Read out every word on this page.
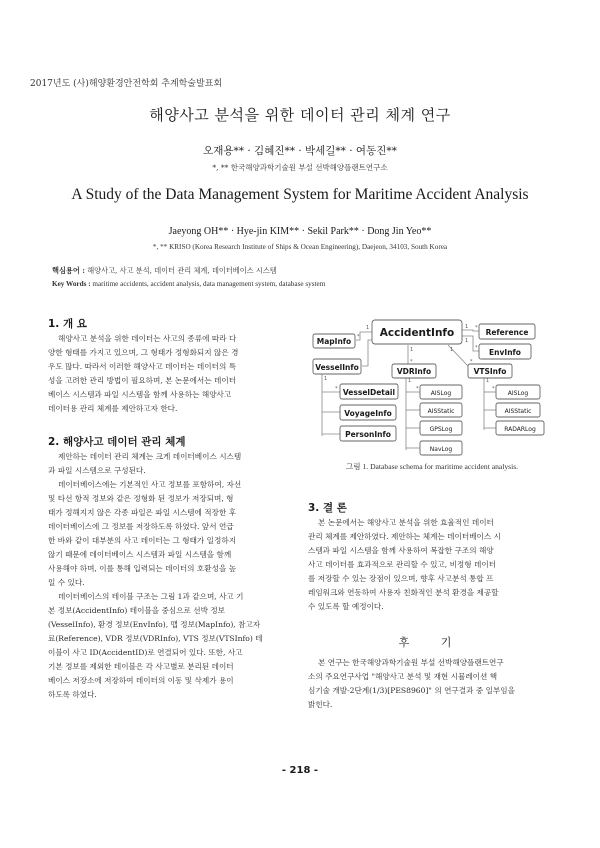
2017년도 (사)해양환경안전학회 추계학술발표회
해양사고 분석을 위한 데이터 관리 체계 연구
오재용** · 김혜진** · 박세길** · 여동진**
*, ** 한국해양과학기술원 부설 선박해양플랜트연구소
A Study of the Data Management System for Maritime Accident Analysis
Jaeyong OH** · Hye-jin KIM** · Sekil Park** · Dong Jin Yeo**
*, ** KRISO (Korea Research Institute of Ships & Ocean Engineering), Daejeon, 34103, South Korea
핵심용어 : 해양사고, 사고 분석, 데이터 관리 체계, 데이터베이스 시스템
Key Words : maritime accidents, accident analysis, data management system, database system
1. 개 요
해양사고 분석을 위한 데이터는 사고의 종류에 따라 다
양한 형태를 가지고 있으며, 그 형태가 정형화되지 않은 경
우도 많다. 따라서 이러한 해양사고 데이터는 데이터의 특
성을 고려한 관리 방법이 필요하며, 본 논문에서는 데이터
베이스 시스템과 파일 시스템을 함께 사용하는 해양사고
데이터용 관리 체계를 제안하고자 한다.
2. 해양사고 데이터 관리 체계
제안하는 데이터 관리 체계는 크게 데이터베이스 시스템
과 파일 시스템으로 구성된다.
데이터베이스에는 기본적인 사고 정보를 포함하여, 자선
및 타선 항적 정보와 같은 정형화 된 정보가 저장되며, 형
태가 정해지지 않은 각종 파일은 파일 시스템에 적장한 후
데이터베이스에 그 정보를 저장하도록 하였다. 앞서 언급
한 바와 같이 대부분의 사고 데이터는 그 형태가 일정하지
않기 때문에 데이터베이스 시스템과 파일 시스템을 함께
사용해야 하며, 이를 통해 입력되는 데이터의 호환성을 높
일 수 있다.
데이터베이스의 테이블 구조는 그림 1과 같으며, 사고 기
본 정보(AccidentInfo) 테이블을 중심으로 선박 정보
(VesselInfo), 환경 정보(EnvInfo), 맵 정보(MapInfo), 참고자
료(Reference), VDR 정보(VDRInfo), VTS 정보(VTSInfo) 테
이블이 사고 ID(AccidentID)로 연결되어 있다. 또한, 사고
기본 정보를 제외한 테이블은 각 사고별로 분리된 데이터
베이스 저장소에 저장하여 데이터의 이동 및 삭제가 용이
하도록 하였다.
AccidentInfo	Reference
EnvInfo
MapInfo
VesselInfo	VDRInfo	VTSInfo
VesselDetail
VoyageInfo
PersonInfo
AISLog
AISStatic
GPSLog
NavLog
AISLog
AISStatic
RADARLog
1 *
1
*
1
*
1
*
1
*
1
*
1
*
1
*
그림 1. Database schema for maritime accident analysis.
3. 결 론
본 논문에서는 해양사고 분석을 위한 효율적인 데이터
관리 체계를 제안하였다. 제안하는 체계는 데이터베이스 시
스템과 파일 시스템을 함께 사용하여 복잡한 구조의 해양
사고 데이터를 효과적으로 관리할 수 있고, 비정형 데이터
를 저장할 수 있는 장점이 있으며, 향후 사고분석 통합 프
레임워크와 연동하여 사용자 친화적인 분석 환경을 제공할
수 있도록 할 예정이다.
후 기
본 연구는 한국해양과학기술원 부설 선박해양플랜트연구
소의 주요연구사업 "해양사고 분석 및 재현 시뮬레이션 핵
심기술 개발-2단계(1/3)[PES8960]" 의 연구결과 중 일부임을
밝힌다.
- 218 -
